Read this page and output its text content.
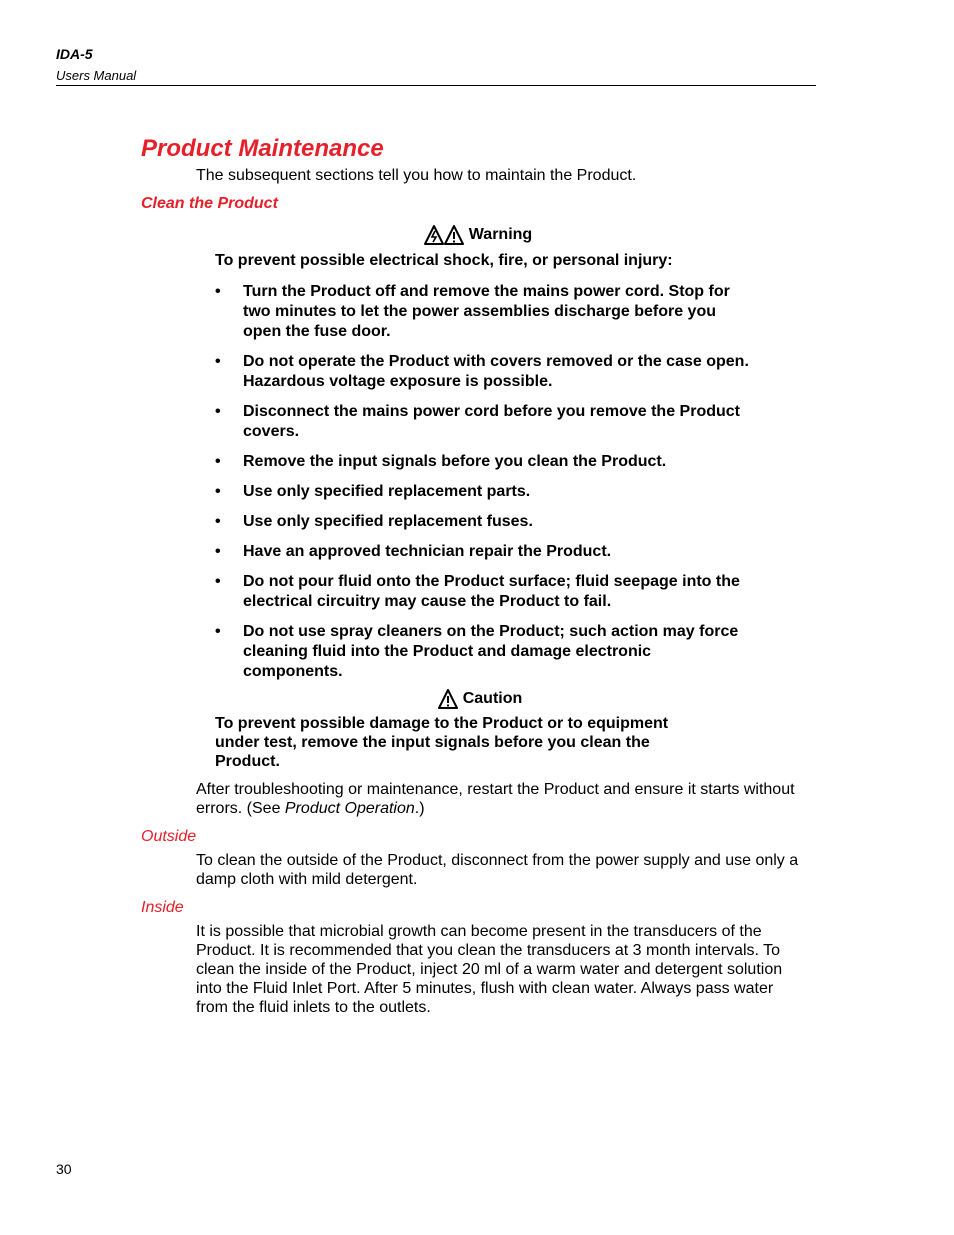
IDA-5
Users Manual
Product Maintenance
The subsequent sections tell you how to maintain the Product.
Clean the Product
Warning
To prevent possible electrical shock, fire, or personal injury:
• Turn the Product off and remove the mains power cord. Stop for two minutes to let the power assemblies discharge before you open the fuse door.
• Do not operate the Product with covers removed or the case open. Hazardous voltage exposure is possible.
• Disconnect the mains power cord before you remove the Product covers.
• Remove the input signals before you clean the Product.
• Use only specified replacement parts.
• Use only specified replacement fuses.
• Have an approved technician repair the Product.
• Do not pour fluid onto the Product surface; fluid seepage into the electrical circuitry may cause the Product to fail.
• Do not use spray cleaners on the Product; such action may force cleaning fluid into the Product and damage electronic components.
Caution
To prevent possible damage to the Product or to equipment under test, remove the input signals before you clean the Product.
After troubleshooting or maintenance, restart the Product and ensure it starts without errors. (See Product Operation.)
Outside
To clean the outside of the Product, disconnect from the power supply and use only a damp cloth with mild detergent.
Inside
It is possible that microbial growth can become present in the transducers of the Product. It is recommended that you clean the transducers at 3 month intervals. To clean the inside of the Product, inject 20 ml of a warm water and detergent solution into the Fluid Inlet Port. After 5 minutes, flush with clean water. Always pass water from the fluid inlets to the outlets.
30
